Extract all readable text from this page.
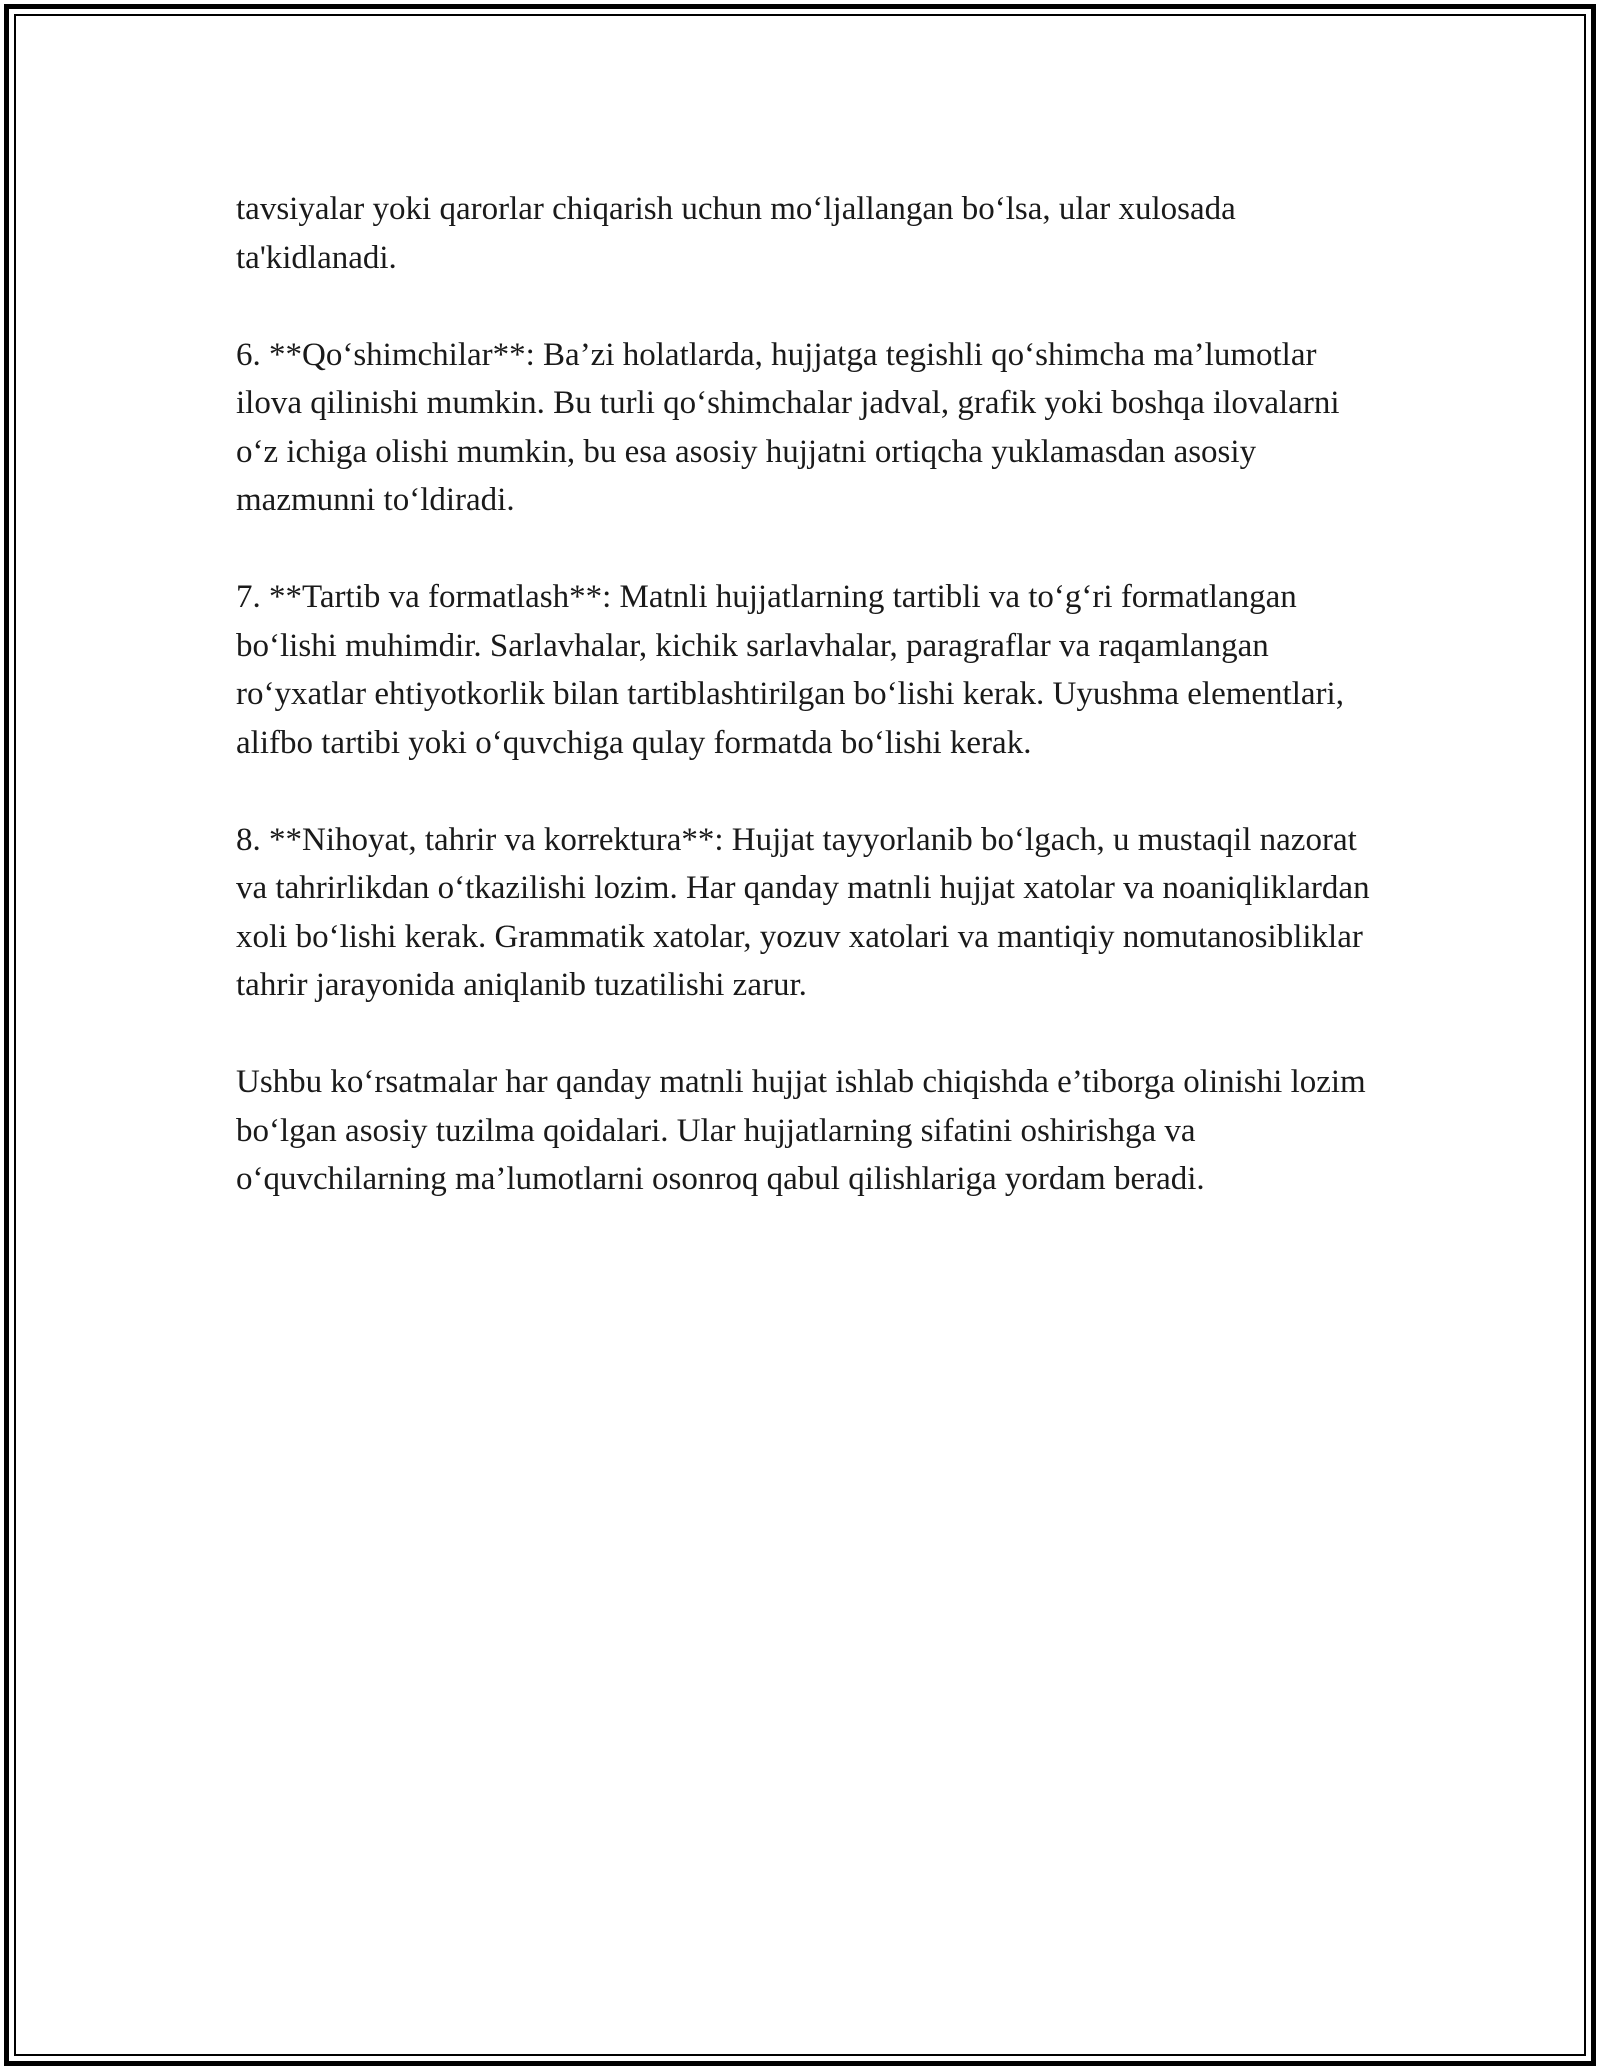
tavsiyalar yoki qarorlar chiqarish uchun mo‘ljallangan bo‘lsa, ular xulosada ta'kidlanadi.

6. **Qo‘shimchilar**: Ba’zi holatlarda, hujjatga tegishli qo‘shimcha ma’lumotlar ilova qilinishi mumkin. Bu turli qo‘shimchalar jadval, grafik yoki boshqa ilovalarni o‘z ichiga olishi mumkin, bu esa asosiy hujjatni ortiqcha yuklamasdan asosiy mazmunni to‘ldiradi.

7. **Tartib va formatlash**: Matnli hujjatlarning tartibli va to‘g‘ri formatlangan bo‘lishi muhimdir. Sarlavhalar, kichik sarlavhalar, paragraflar va raqamlangan ro‘yxatlar ehtiyotkorlik bilan tartiblashtirilgan bo‘lishi kerak. Uyushma elementlari, alifbo tartibi yoki o‘quvchiga qulay formatda bo‘lishi kerak.

8. **Nihoyat, tahrir va korrektura**: Hujjat tayyorlanib bo‘lgach, u mustaqil nazorat va tahrirlikdan o‘tkazilishi lozim. Har qanday matnli hujjat xatolar va noaniqliklardan xoli bo‘lishi kerak. Grammatik xatolar, yozuv xatolari va mantiqiy nomutanosibliklar tahrir jarayonida aniqlanib tuzatilishi zarur.

Ushbu ko‘rsatmalar har qanday matnli hujjat ishlab chiqishda e’tiborga olinishi lozim bo‘lgan asosiy tuzilma qoidalari. Ular hujjatlarning sifatini oshirishga va o‘quvchilarning ma’lumotlarni osonroq qabul qilishlariga yordam beradi.
